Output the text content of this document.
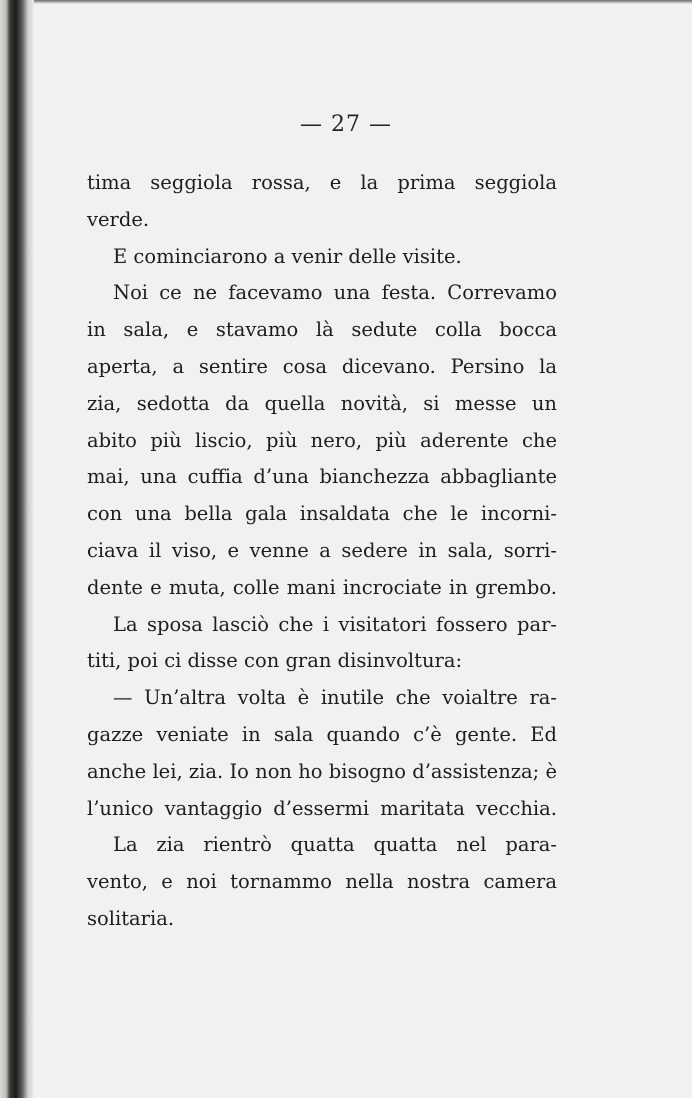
— 27 —
tima seggiola rossa, e la prima seggiola
verde.
E cominciarono a venir delle visite.
Noi ce ne facevamo una festa. Correvamo
in sala, e stavamo là sedute colla bocca
aperta, a sentire cosa dicevano. Persino la
zia, sedotta da quella novità, si messe un
abito più liscio, più nero, più aderente che
mai, una cuffia d’una bianchezza abbagliante
con una bella gala insaldata che le incorni-
ciava il viso, e venne a sedere in sala, sorri-
dente e muta, colle mani incrociate in grembo.
La sposa lasciò che i visitatori fossero par-
titi, poi ci disse con gran disinvoltura:
— Un’altra volta è inutile che voialtre ra-
gazze veniate in sala quando c’è gente. Ed
anche lei, zia. Io non ho bisogno d’assistenza; è
l’unico vantaggio d’essermi maritata vecchia.
La zia rientrò quatta quatta nel para-
vento, e noi tornammo nella nostra camera
solitaria.
